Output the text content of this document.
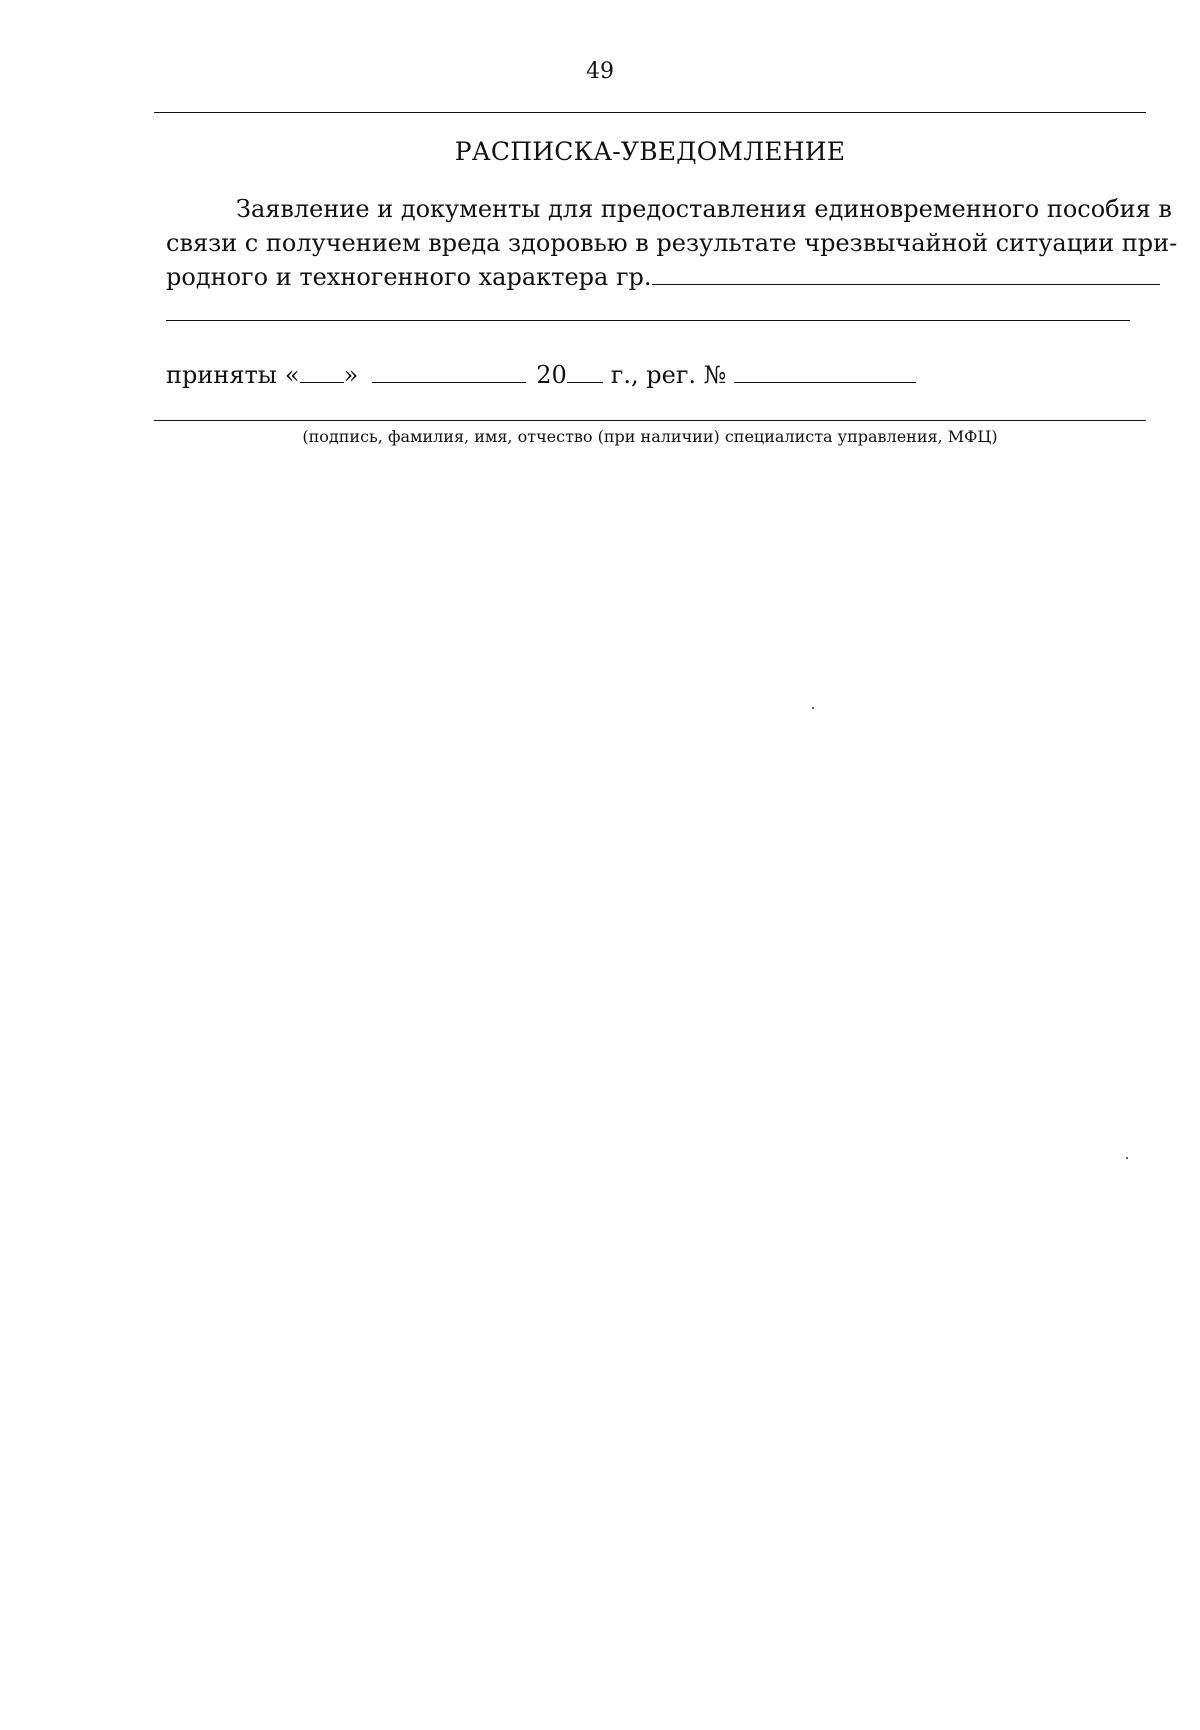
49
РАСПИСКА-УВЕДОМЛЕНИЕ
Заявление и документы для предоставления единовременного пособия в
связи с получением вреда здоровью в результате чрезвычайной ситуации при-
родного и техногенного характера гр.
приняты « »	20 г., рег. №
(подпись, фамилия, имя, отчество (при наличии) специалиста управления, МФЦ)
